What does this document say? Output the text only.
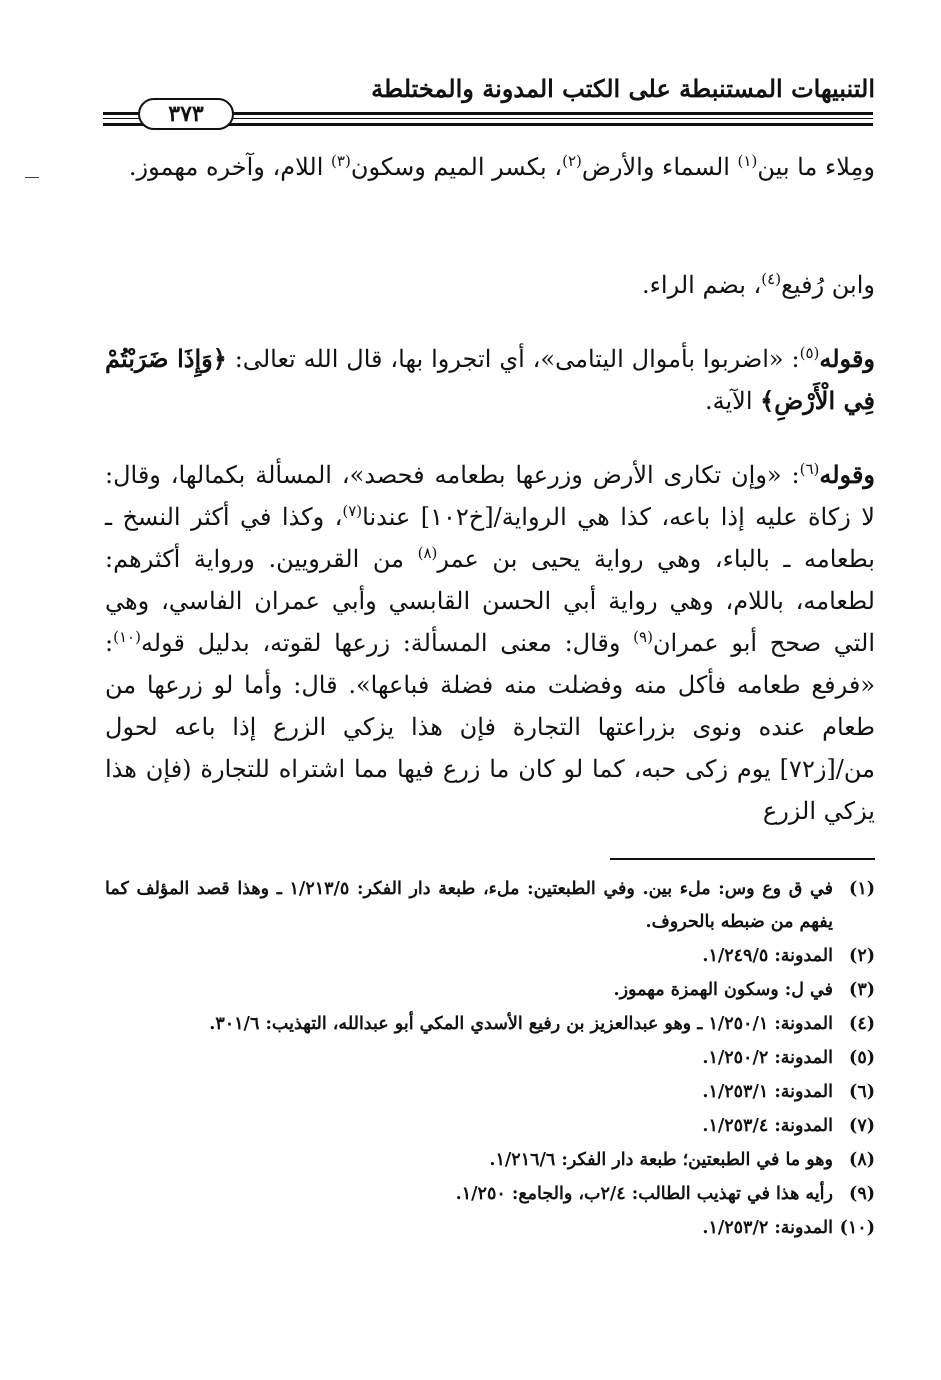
التنبيهات المستنبطة على الكتب المدونة والمختلطة
٣٧٣
ومِلاء ما بين$^{(١)}$ السماء والأرض$^{(٢)}$، بكسر الميم وسكون$^{(٣)}$ اللام، وآخره مهموز.
وابن رُفيع$^{(٤)}$، بضم الراء.
وقوله$^{(٥)}$: «اضربوا بأموال اليتامى»، أي اتجروا بها، قال الله تعالى: ﴿وَإِذَا ضَرَبْتُمْ فِي الْأَرْضِ﴾ الآية.
وقوله$^{(٦)}$: «وإن تكارى الأرض وزرعها بطعامه فحصد»، المسألة بكمالها، وقال: لا زكاة عليه إذا باعه، كذا هي الرواية/[خ١٠٢] عندنا$^{(٧)}$، وكذا في أكثر النسخ ـ بطعامه ـ بالباء، وهي رواية يحيى بن عمر$^{(٨)}$ من القرويين. ورواية أكثرهم: لطعامه، باللام، وهي رواية أبي الحسن القابسي وأبي عمران الفاسي، وهي التي صحح أبو عمران$^{(٩)}$ وقال: معنى المسألة: زرعها لقوته، بدليل قوله$^{(١٠)}$: «فرفع طعامه فأكل منه وفضلت منه فضلة فباعها». قال: وأما لو زرعها من طعام عنده ونوى بزراعتها التجارة فإن هذا يزكي الزرع إذا باعه لحول من/[ز٧٢] يوم زكى حبه، كما لو كان ما زرع فيها مما اشتراه للتجارة (فإن هذا يزكي الزرع
(١)
في ق وع وس: ملء بين. وفي الطبعتين: ملء، طبعة دار الفكر: ١/٢١٣/٥ ـ وهذا قصد المؤلف كما يفهم من ضبطه بالحروف.
(٢)
المدونة: ١/٢٤٩/٥.
(٣)
في ل: وسكون الهمزة مهموز.
(٤)
المدونة: ١/٢٥٠/١ ـ وهو عبدالعزيز بن رفيع الأسدي المكي أبو عبدالله، التهذيب: ٣٠١/٦.
(٥)
المدونة: ١/٢٥٠/٢.
(٦)
المدونة: ١/٢٥٣/١.
(٧)
المدونة: ١/٢٥٣/٤.
(٨)
وهو ما في الطبعتين؛ طبعة دار الفكر: ١/٢١٦/٦.
(٩)
رأيه هذا في تهذيب الطالب: ٢/٤ب، والجامع: ١/٢٥٠.
(١٠)
المدونة: ١/٢٥٣/٢.
